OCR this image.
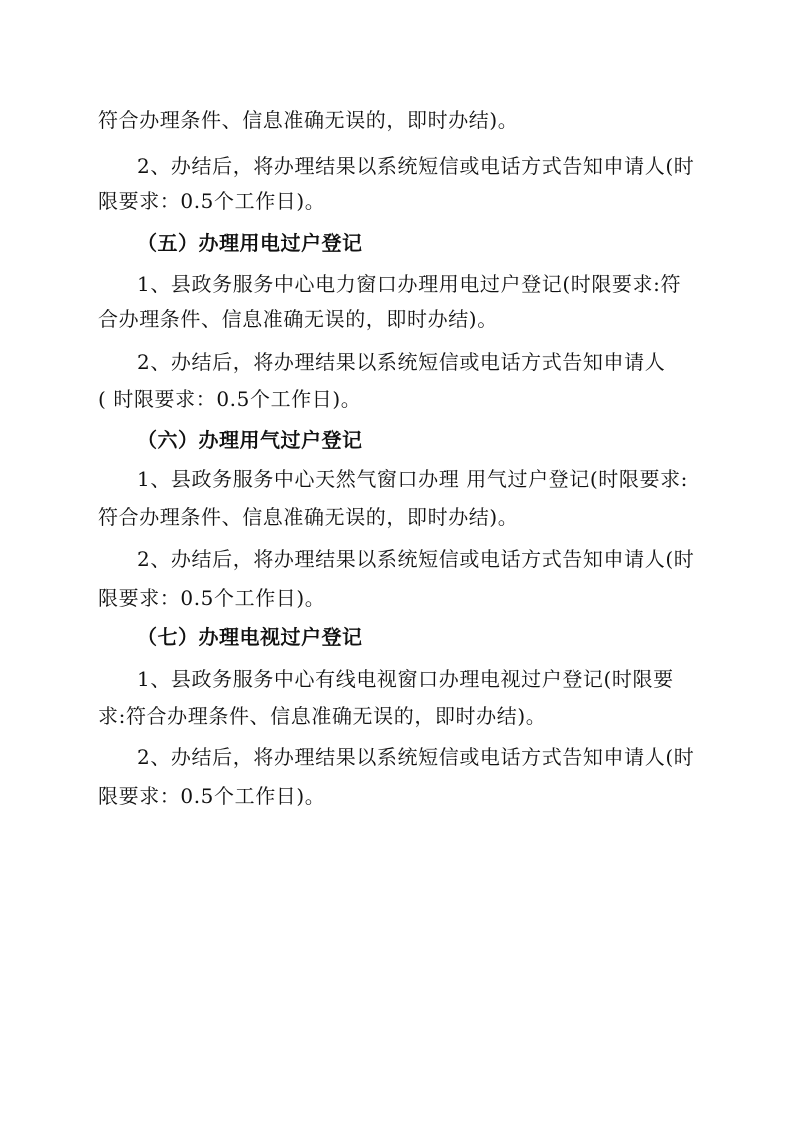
符合办理条件、信息准确无误的，即时办结)。
2、办结后，将办理结果以系统短信或电话方式告知申请人(时
限要求：0.5个工作日)。
（五）办理用电过户登记
1、县政务服务中心电力窗口办理用电过户登记(时限要求:符
合办理条件、信息准确无误的，即时办结)。
2、办结后，将办理结果以系统短信或电话方式告知申请人
( 时限要求：0.5个工作日)。
（六）办理用气过户登记
1、县政务服务中心天然气窗口办理 用气过户登记(时限要求:
符合办理条件、信息准确无误的，即时办结)。
2、办结后，将办理结果以系统短信或电话方式告知申请人(时
限要求：0.5个工作日)。
（七）办理电视过户登记
1、县政务服务中心有线电视窗口办理电视过户登记(时限要
求:符合办理条件、信息准确无误的，即时办结)。
2、办结后，将办理结果以系统短信或电话方式告知申请人(时
限要求：0.5个工作日)。
